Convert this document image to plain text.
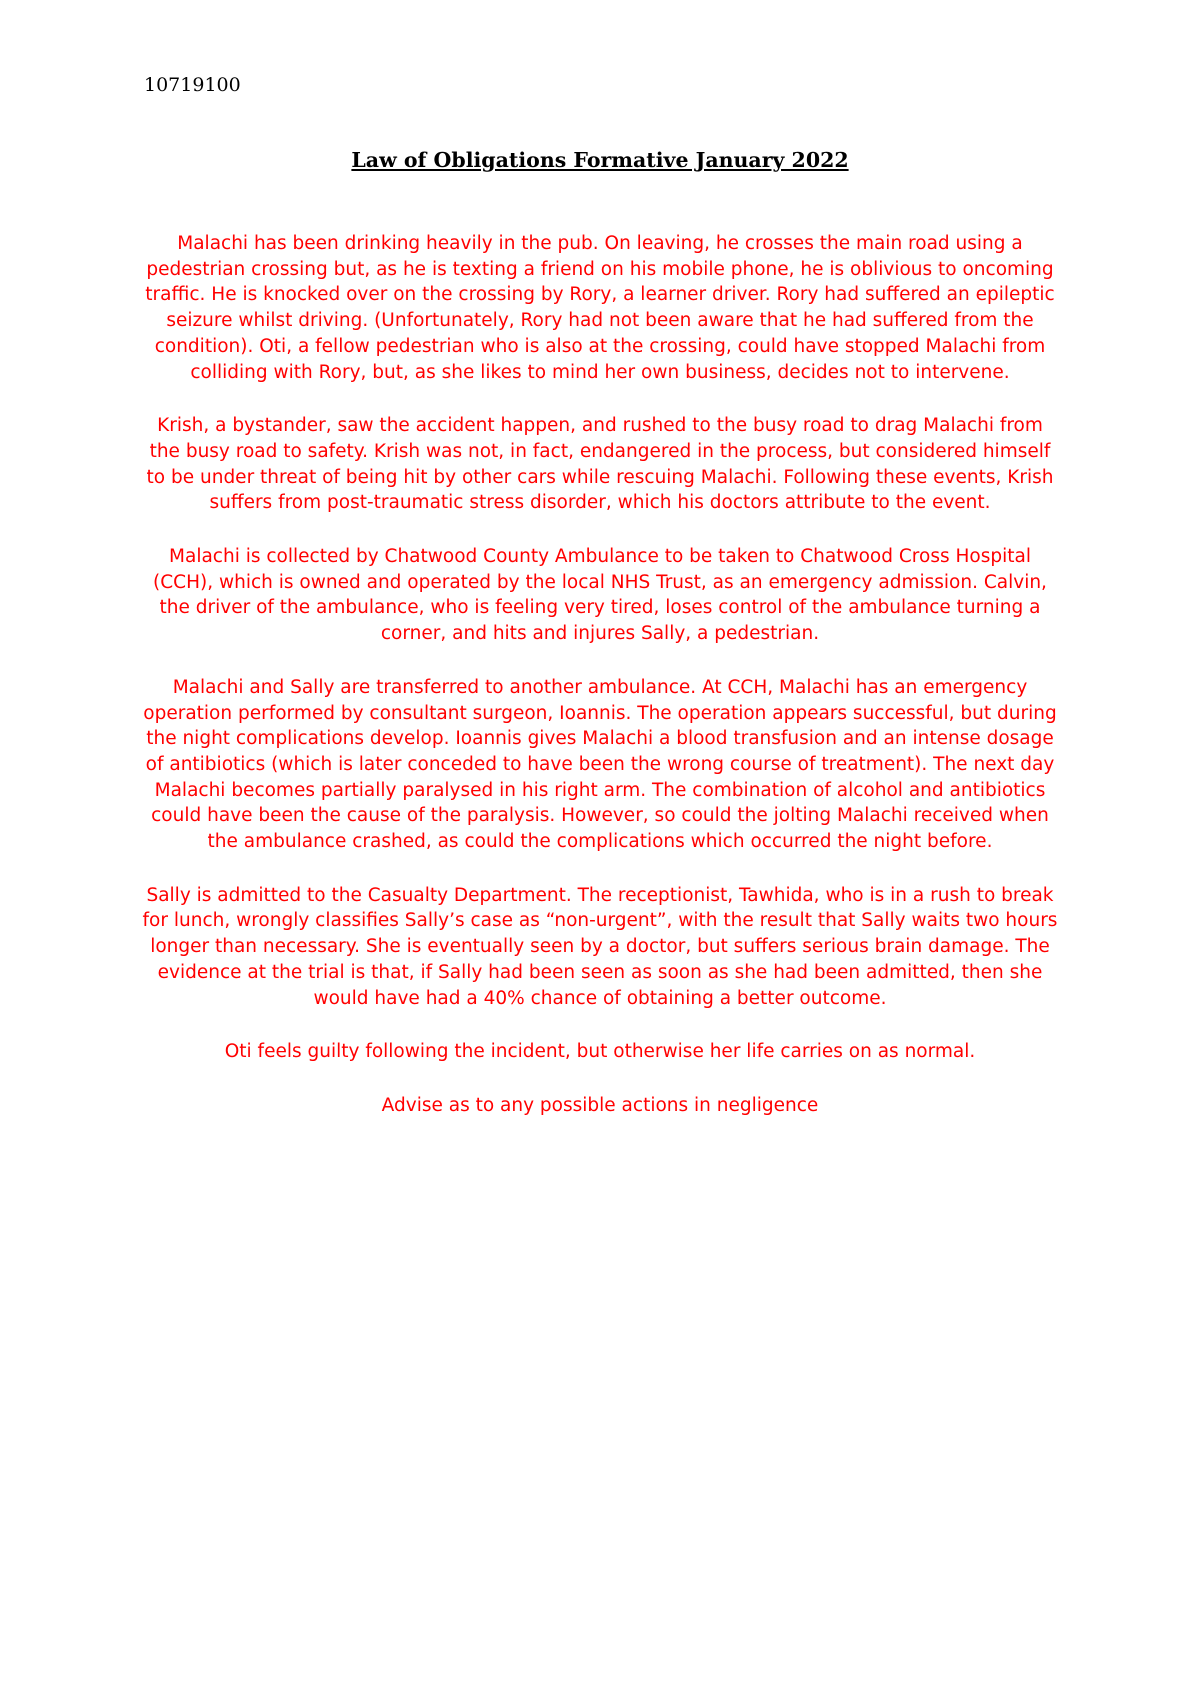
10719100

Law of Obligations Formative January 2022

Malachi has been drinking heavily in the pub. On leaving, he crosses the main road using a pedestrian crossing but, as he is texting a friend on his mobile phone, he is oblivious to oncoming traffic. He is knocked over on the crossing by Rory, a learner driver. Rory had suffered an epileptic seizure whilst driving. (Unfortunately, Rory had not been aware that he had suffered from the condition). Oti, a fellow pedestrian who is also at the crossing, could have stopped Malachi from colliding with Rory, but, as she likes to mind her own business, decides not to intervene.

Krish, a bystander, saw the accident happen, and rushed to the busy road to drag Malachi from the busy road to safety. Krish was not, in fact, endangered in the process, but considered himself to be under threat of being hit by other cars while rescuing Malachi. Following these events, Krish suffers from post-traumatic stress disorder, which his doctors attribute to the event.

Malachi is collected by Chatwood County Ambulance to be taken to Chatwood Cross Hospital (CCH), which is owned and operated by the local NHS Trust, as an emergency admission. Calvin, the driver of the ambulance, who is feeling very tired, loses control of the ambulance turning a corner, and hits and injures Sally, a pedestrian.

Malachi and Sally are transferred to another ambulance. At CCH, Malachi has an emergency operation performed by consultant surgeon, Ioannis. The operation appears successful, but during the night complications develop. Ioannis gives Malachi a blood transfusion and an intense dosage of antibiotics (which is later conceded to have been the wrong course of treatment). The next day Malachi becomes partially paralysed in his right arm. The combination of alcohol and antibiotics could have been the cause of the paralysis. However, so could the jolting Malachi received when the ambulance crashed, as could the complications which occurred the night before.

Sally is admitted to the Casualty Department. The receptionist, Tawhida, who is in a rush to break for lunch, wrongly classifies Sally’s case as “non-urgent”, with the result that Sally waits two hours longer than necessary. She is eventually seen by a doctor, but suffers serious brain damage. The evidence at the trial is that, if Sally had been seen as soon as she had been admitted, then she would have had a 40% chance of obtaining a better outcome.

Oti feels guilty following the incident, but otherwise her life carries on as normal.

Advise as to any possible actions in negligence
